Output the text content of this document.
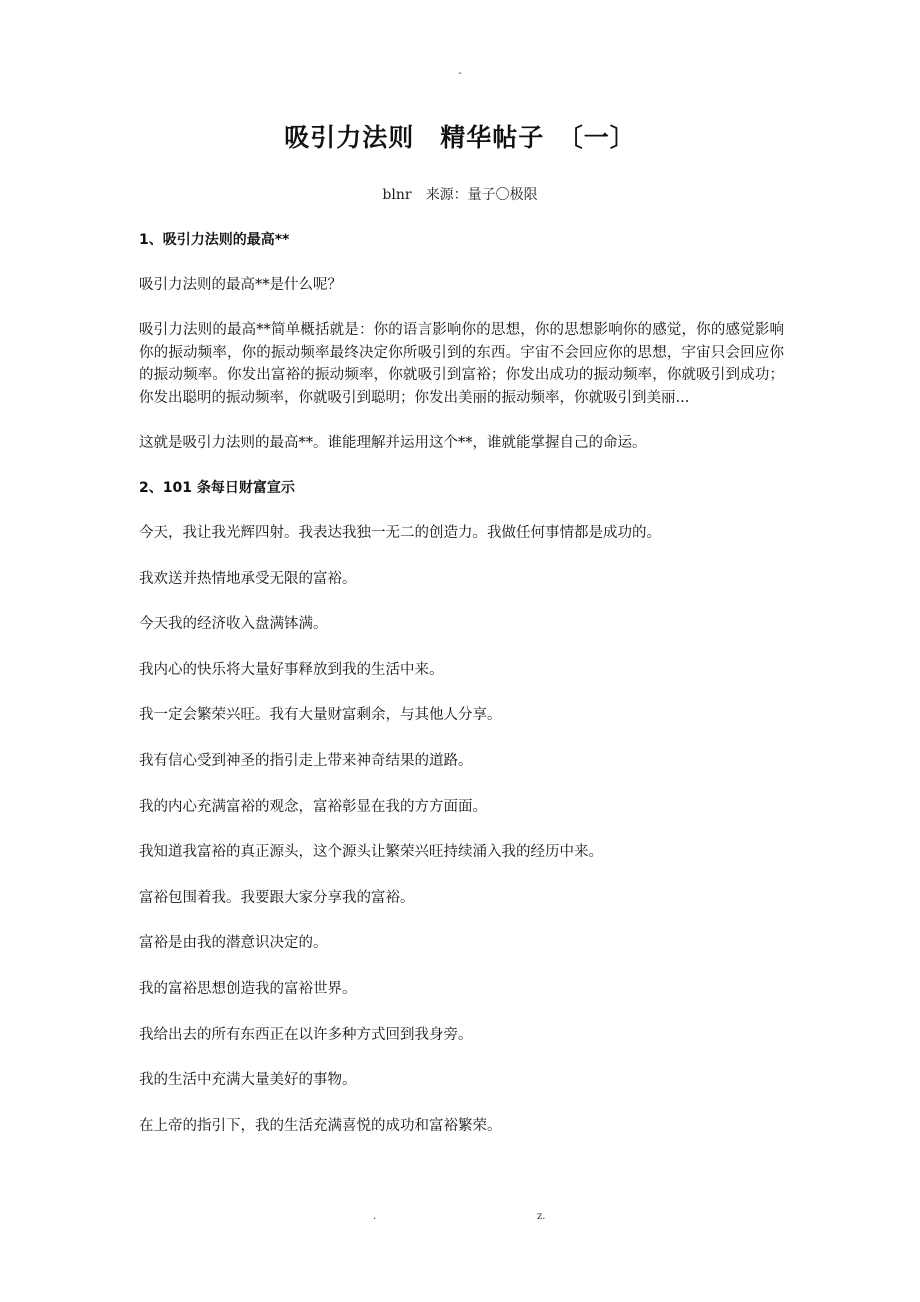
-
吸引力法则　精华帖子　〔一〕
blnr　来源：量子〇极限
1、吸引力法则的最高**

吸引力法则的最高**是什么呢？

吸引力法则的最高**简单概括就是：你的语言影响你的思想，你的思想影响你的感觉，你的感觉影响你的振动频率，你的振动频率最终决定你所吸引到的东西。宇宙不会回应你的思想，宇宙只会回应你的振动频率。你发出富裕的振动频率，你就吸引到富裕；你发出成功的振动频率，你就吸引到成功；你发出聪明的振动频率，你就吸引到聪明；你发出美丽的振动频率，你就吸引到美丽...

这就是吸引力法则的最高**。谁能理解并运用这个**，谁就能掌握自己的命运。

2、101 条每日财富宣示

今天，我让我光辉四射。我表达我独一无二的创造力。我做任何事情都是成功的。

我欢送并热情地承受无限的富裕。

今天我的经济收入盘满钵满。

我内心的快乐将大量好事释放到我的生活中来。

我一定会繁荣兴旺。我有大量财富剩余，与其他人分享。

我有信心受到神圣的指引走上带来神奇结果的道路。

我的内心充满富裕的观念，富裕彰显在我的方方面面。

我知道我富裕的真正源头，这个源头让繁荣兴旺持续涌入我的经历中来。

富裕包围着我。我要跟大家分享我的富裕。

富裕是由我的潜意识决定的。

我的富裕思想创造我的富裕世界。

我给出去的所有东西正在以许多种方式回到我身旁。

我的生活中充满大量美好的事物。

在上帝的指引下，我的生活充满喜悦的成功和富裕繁荣。

.	z.
